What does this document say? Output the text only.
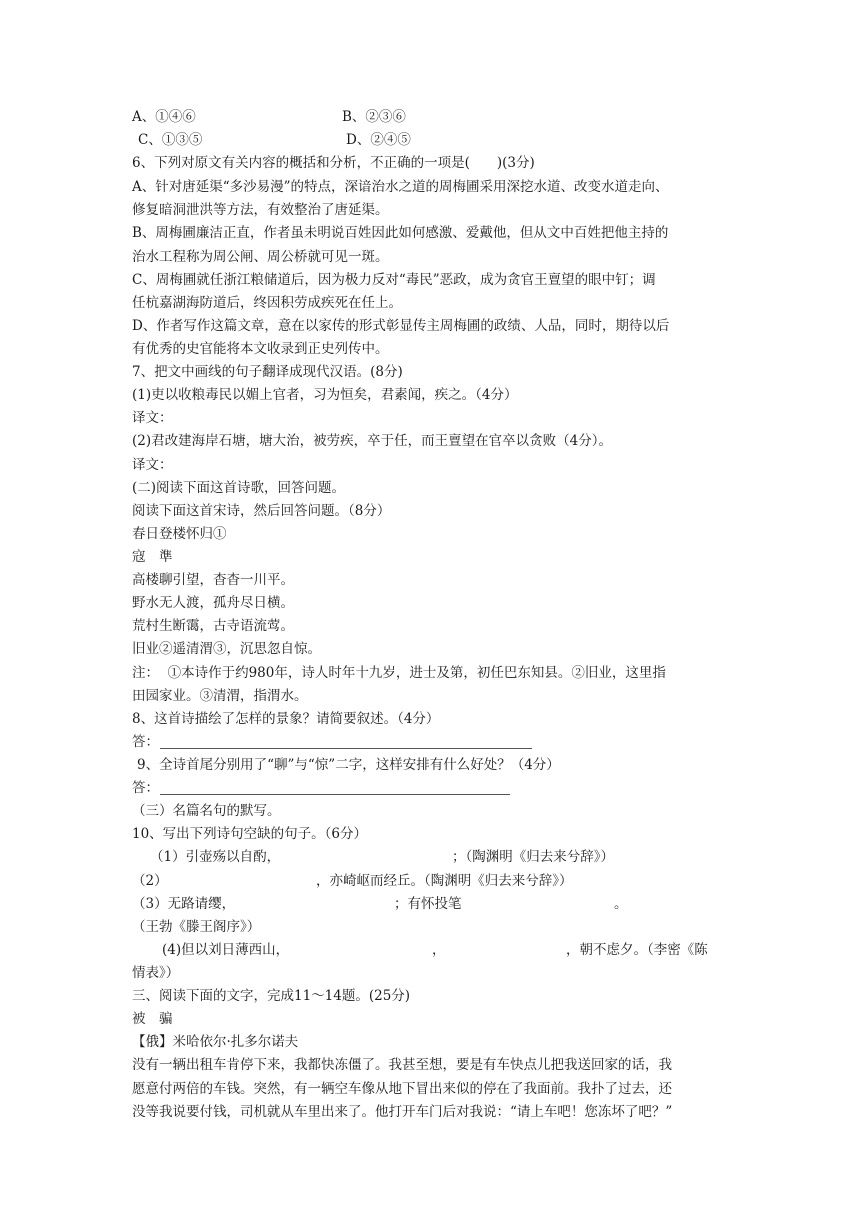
A、①④⑥	B、②③⑥
C、①③⑤	D、②④⑤
6、下列对原文有关内容的概括和分析，不正确的一项是(　　)(3分)
A、针对唐延渠“多沙易漫”的特点，深谙治水之道的周梅圃采用深挖水道、改变水道走向、
修复暗洞泄洪等方法，有效整治了唐延渠。
B、周梅圃廉洁正直，作者虽未明说百姓因此如何感激、爱戴他，但从文中百姓把他主持的
治水工程称为周公闸、周公桥就可见一斑。
C、周梅圃就任浙江粮储道后，因为极力反对“毒民”恶政，成为贪官王亶望的眼中钉；调
任杭嘉湖海防道后，终因积劳成疾死在任上。
D、作者写作这篇文章，意在以家传的形式彰显传主周梅圃的政绩、人品，同时，期待以后
有优秀的史官能将本文收录到正史列传中。
7、把文中画线的句子翻译成现代汉语。(8分)
(1)吏以收粮毒民以媚上官者，习为恒矣，君素闻，疾之。（4分）
译文：
(2)君改建海岸石塘，塘大治，被劳疾，卒于任，而王亶望在官卒以贪败（4分）。
译文：
(二)阅读下面这首诗歌，回答问题。
阅读下面这首宋诗，然后回答问题。（8分）
春日登楼怀归①
寇　準
高楼聊引望，杳杳一川平。
野水无人渡，孤舟尽日横。
荒村生断霭，古寺语流莺。
旧业②遥清渭③，沉思忽自惊。
注：  ①本诗作于约980年，诗人时年十九岁，进士及第，初任巴东知县。②旧业，这里指
田园家业。③清渭，指渭水。
8、这首诗描绘了怎样的景象？请简要叙述。（4分）
答：
9、全诗首尾分别用了“聊”与“惊”二字，这样安排有什么好处？（4分）
答：
（三）名篇名句的默写。
10、写出下列诗句空缺的句子。（6分）
（1）引壶殇以自酌，	；（陶渊明《归去来兮辞》）
（2）	，亦崎岖而经丘。（陶渊明《归去来兮辞》）
（3）无路请缨，	；有怀投笔	。
（王勃《滕王阁序》）
(4)但以刘日薄西山，	，	，朝不虑夕。（李密《陈
情表》）
三、阅读下面的文字，完成11～14题。(25分)
被　骗
【俄】米哈依尔·扎多尔诺夫
没有一辆出租车肯停下来，我都快冻僵了。我甚至想，要是有车快点儿把我送回家的话，我
愿意付两倍的车钱。突然，有一辆空车像从地下冒出来似的停在了我面前。我扑了过去，还
没等我说要付钱，司机就从车里出来了。他打开车门后对我说：“请上车吧！您冻坏了吧？”
